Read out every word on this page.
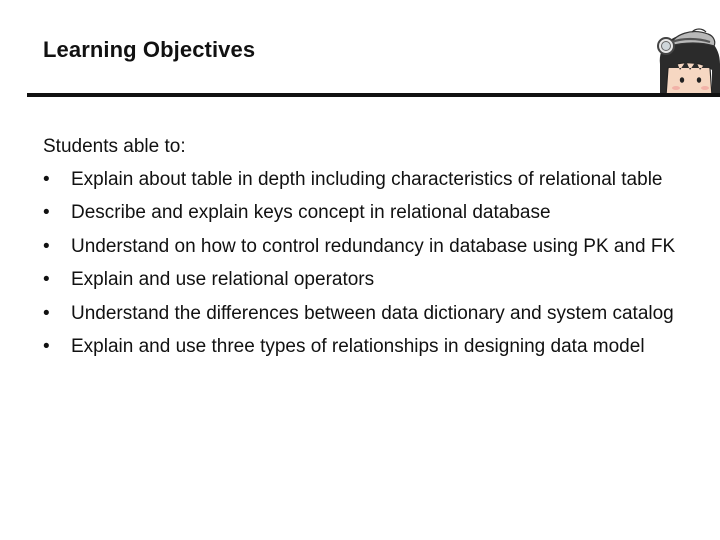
Learning Objectives
Students able to:
•	Explain about table in depth including characteristics of relational table
•	Describe and explain keys concept in relational database
•	Understand on how to control redundancy in database using PK and FK
•	Explain and use relational operators
•	Understand the differences between data dictionary and system catalog
•	Explain and use three types of relationships in designing data model
